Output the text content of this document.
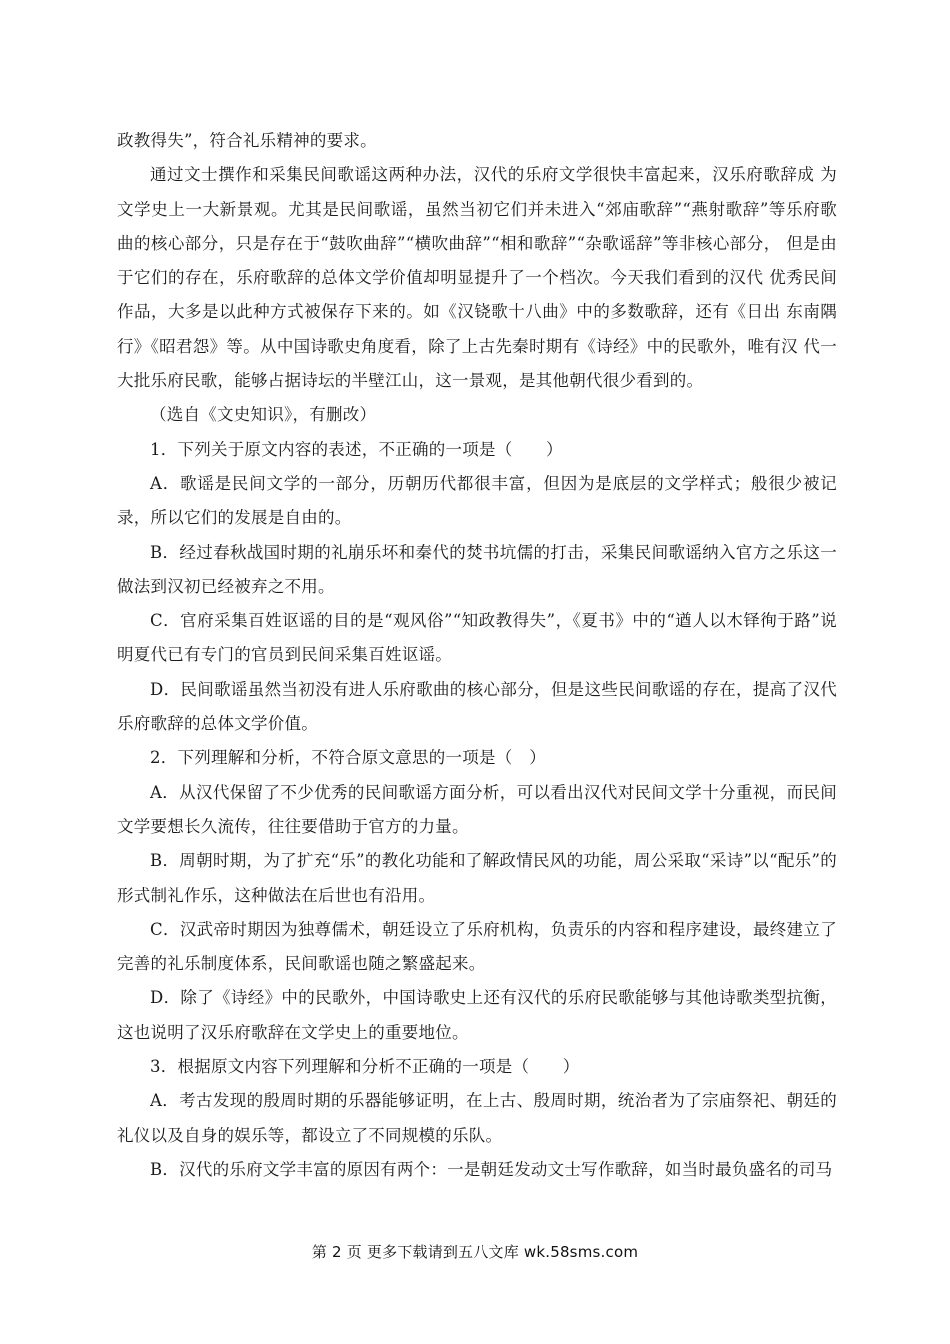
政教得失”，符合礼乐精神的要求。

通过文士撰作和采集民间歌谣这两种办法，汉代的乐府文学很快丰富起来，汉乐府歌辞成 为文学史上一大新景观。尤其是民间歌谣，虽然当初它们并未进入“郊庙歌辞”“燕射歌辞”等乐府歌曲的核心部分，只是存在于“鼓吹曲辞”“横吹曲辞”“相和歌辞”“杂歌谣辞”等非核心部分， 但是由于它们的存在，乐府歌辞的总体文学价值却明显提升了一个档次。今天我们看到的汉代 优秀民间作品，大多是以此种方式被保存下来的。如《汉铙歌十八曲》中的多数歌辞，还有《日出 东南隅行》《昭君怨》等。从中国诗歌史角度看，除了上古先秦时期有《诗经》中的民歌外，唯有汉 代一大批乐府民歌，能够占据诗坛的半壁江山，这一景观，是其他朝代很少看到的。

（选自《文史知识》，有删改）

1．下列关于原文内容的表述，不正确的一项是（　　）

A．歌谣是民间文学的一部分，历朝历代都很丰富，但因为是底层的文学样式；般很少被记录，所以它们的发展是自由的。

B．经过春秋战国时期的礼崩乐坏和秦代的焚书坑儒的打击，采集民间歌谣纳入官方之乐这一做法到汉初已经被弃之不用。

C．官府采集百姓讴谣的目的是“观风俗”“知政教得失”，《夏书》中的“遒人以木铎徇于路”说明夏代已有专门的官员到民间采集百姓讴谣。

D．民间歌谣虽然当初没有进人乐府歌曲的核心部分，但是这些民间歌谣的存在，提高了汉代乐府歌辞的总体文学价值。

2．下列理解和分析，不符合原文意思的一项是（　）

A．从汉代保留了不少优秀的民间歌谣方面分析，可以看出汉代对民间文学十分重视，而民间文学要想长久流传，往往要借助于官方的力量。

B．周朝时期，为了扩充“乐”的教化功能和了解政情民风的功能，周公采取“采诗”以“配乐”的形式制礼作乐，这种做法在后世也有沿用。

C．汉武帝时期因为独尊儒术，朝廷设立了乐府机构，负责乐的内容和程序建设，最终建立了完善的礼乐制度体系，民间歌谣也随之繁盛起来。

D．除了《诗经》中的民歌外，中国诗歌史上还有汉代的乐府民歌能够与其他诗歌类型抗衡，这也说明了汉乐府歌辞在文学史上的重要地位。

3．根据原文内容下列理解和分析不正确的一项是（　　）

A．考古发现的殷周时期的乐器能够证明，在上古、殷周时期，统治者为了宗庙祭祀、朝廷的礼仪以及自身的娱乐等，都设立了不同规模的乐队。

B．汉代的乐府文学丰富的原因有两个：一是朝廷发动文士写作歌辞，如当时最负盛名的司马

第 2 页 更多下载请到五八文库 wk.58sms.com
